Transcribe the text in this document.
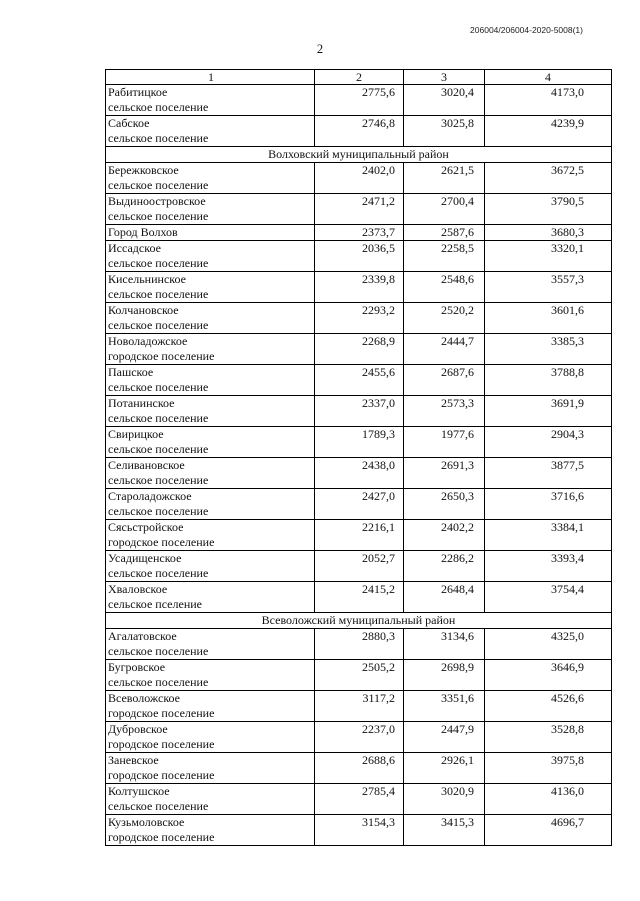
206004/206004-2020-5008(1)
2
1	2	3	4

Рабитицкое
сельское поселение	2775,6	3020,4	4173,0

Сабское
сельское поселение	2746,8	3025,8	4239,9
Волховский муниципальный район			

Бережковское
сельское поселение	2402,0	2621,5	3672,5

Выдиноостровское
сельское поселение	2471,2	2700,4	3790,5

Город Волхов	2373,7	2587,6	3680,3

Иссадское
сельское поселение	2036,5	2258,5	3320,1

Кисельнинское
сельское поселение	2339,8	2548,6	3557,3

Колчановское
сельское поселение	2293,2	2520,2	3601,6

Новоладожское
городское поселение	2268,9	2444,7	3385,3

Пашское
сельское поселение	2455,6	2687,6	3788,8

Потанинское
сельское поселение	2337,0	2573,3	3691,9

Свирицкое
сельское поселение	1789,3	1977,6	2904,3

Селивановское
сельское поселение	2438,0	2691,3	3877,5

Староладожское
сельское поселение	2427,0	2650,3	3716,6

Сясьстройское
городское поселение	2216,1	2402,2	3384,1

Усадищенское
сельское поселение	2052,7	2286,2	3393,4

Хваловское
сельское пселение	2415,2	2648,4	3754,4
Всеволожский муниципальный район			

Агалатовское
сельское поселение	2880,3	3134,6	4325,0

Бугровское
сельское поселение	2505,2	2698,9	3646,9

Всеволожское
городское поселение	3117,2	3351,6	4526,6

Дубровское
городское поселение	2237,0	2447,9	3528,8

Заневское
городское поселение	2688,6	2926,1	3975,8

Колтушское
сельское поселение	2785,4	3020,9	4136,0

Кузьмоловское
городское поселение	3154,3	3415,3	4696,7
